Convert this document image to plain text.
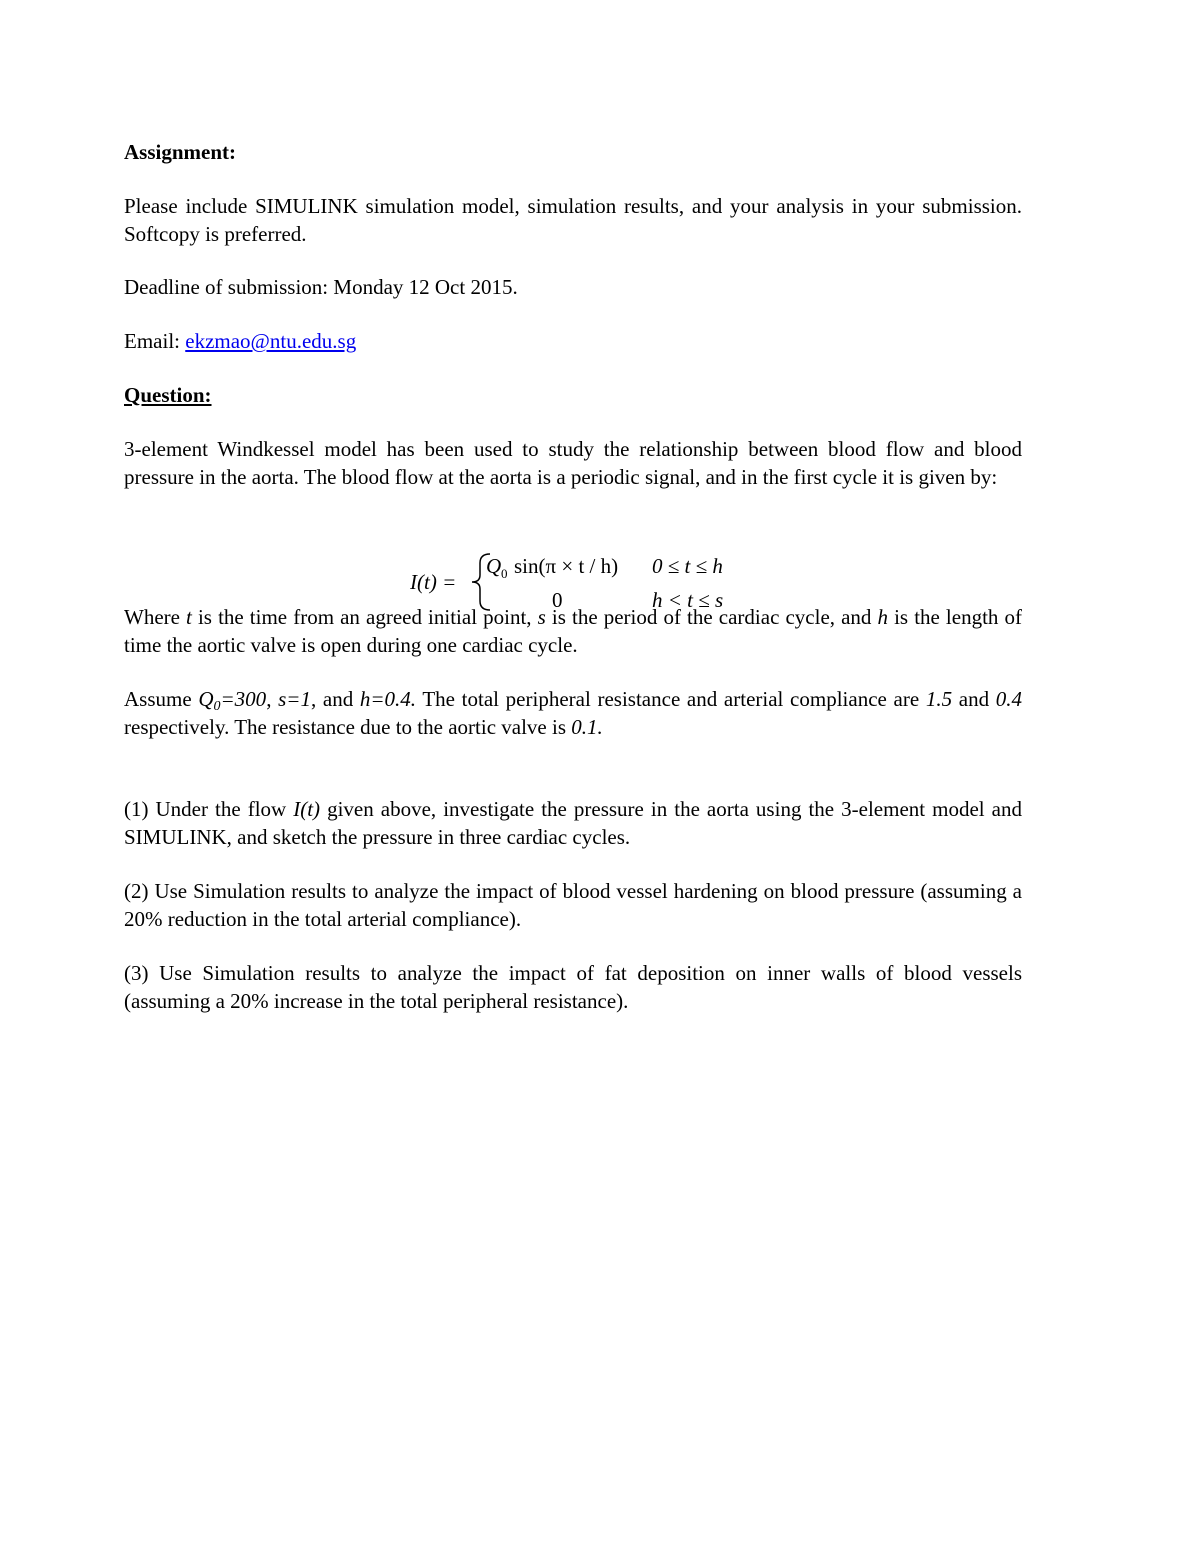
Assignment:

Please include SIMULINK simulation model, simulation results, and your analysis in your submission. Softcopy is preferred.

Deadline of submission: Monday 12 Oct 2015.

Email: ekzmao@ntu.edu.sg

Question:

3-element Windkessel model has been used to study the relationship between blood flow and blood pressure in the aorta. The blood flow at the aorta is a periodic signal, and in the first cycle it is given by:

Where t is the time from an agreed initial point, s is the period of the cardiac cycle, and h is the length of time the aortic valve is open during one cardiac cycle.

Assume $Q_0=300$, s=1, and h=0.4. The total peripheral resistance and arterial compliance are 1.5 and 0.4 respectively. The resistance due to the aortic valve is 0.1.

(1) Under the flow I(t) given above, investigate the pressure in the aorta using the 3-element model and SIMULINK, and sketch the pressure in three cardiac cycles.

(2) Use Simulation results to analyze the impact of blood vessel hardening on blood pressure (assuming a 20% reduction in the total arterial compliance).

(3) Use Simulation results to analyze the impact of fat deposition on inner walls of blood vessels (assuming a 20% increase in the total peripheral resistance).

I(t) =
Q 0 sin(π × t / h) 0 ≤ t ≤ h
0	h < t ≤ s
